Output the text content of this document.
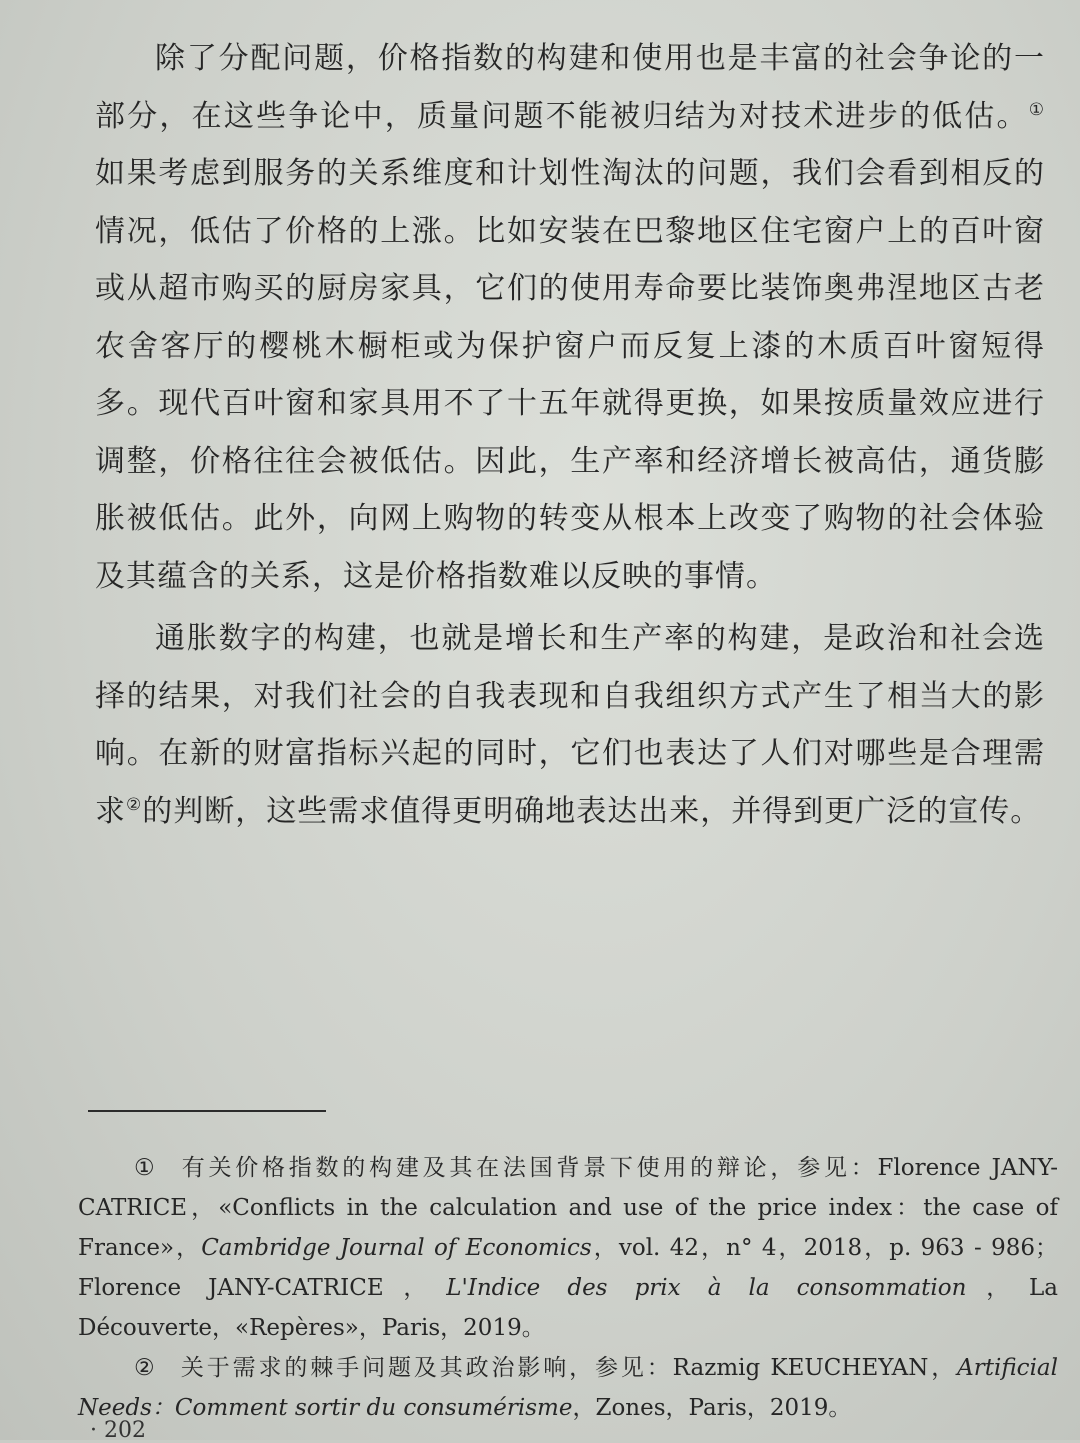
除了分配问题，价格指数的构建和使用也是丰富的社会争论的一部分，在这些争论中，质量问题不能被归结为对技术进步的低估。① 如果考虑到服务的关系维度和计划性淘汰的问题，我们会看到相反的情况，低估了价格的上涨。比如安装在巴黎地区住宅窗户上的百叶窗或从超市购买的厨房家具，它们的使用寿命要比装饰奥弗涅地区古老农舍客厅的樱桃木橱柜或为保护窗户而反复上漆的木质百叶窗短得多。现代百叶窗和家具用不了十五年就得更换，如果按质量效应进行调整，价格往往会被低估。因此，生产率和经济增长被高估，通货膨胀被低估。此外，向网上购物的转变从根本上改变了购物的社会体验及其蕴含的关系，这是价格指数难以反映的事情。

通胀数字的构建，也就是增长和生产率的构建，是政治和社会选择的结果，对我们社会的自我表现和自我组织方式产生了相当大的影响。在新的财富指标兴起的同时，它们也表达了人们对哪些是合理需求②的判断，这些需求值得更明确地表达出来，并得到更广泛的宣传。

① 有关价格指数的构建及其在法国背景下使用的辩论，参见：Florence JANY-CATRICE，«Conflicts in the calculation and use of the price index：the case of France»，Cambridge Journal of Economics，vol. 42，n° 4，2018，p. 963 - 986；Florence JANY-CATRICE，L'Indice des prix à la consommation，La Découverte，«Repères»，Paris，2019。

② 关于需求的棘手问题及其政治影响，参见：Razmig KEUCHEYAN，Artificial Needs：Comment sortir du consumérisme，Zones，Paris，2019。

· 202
